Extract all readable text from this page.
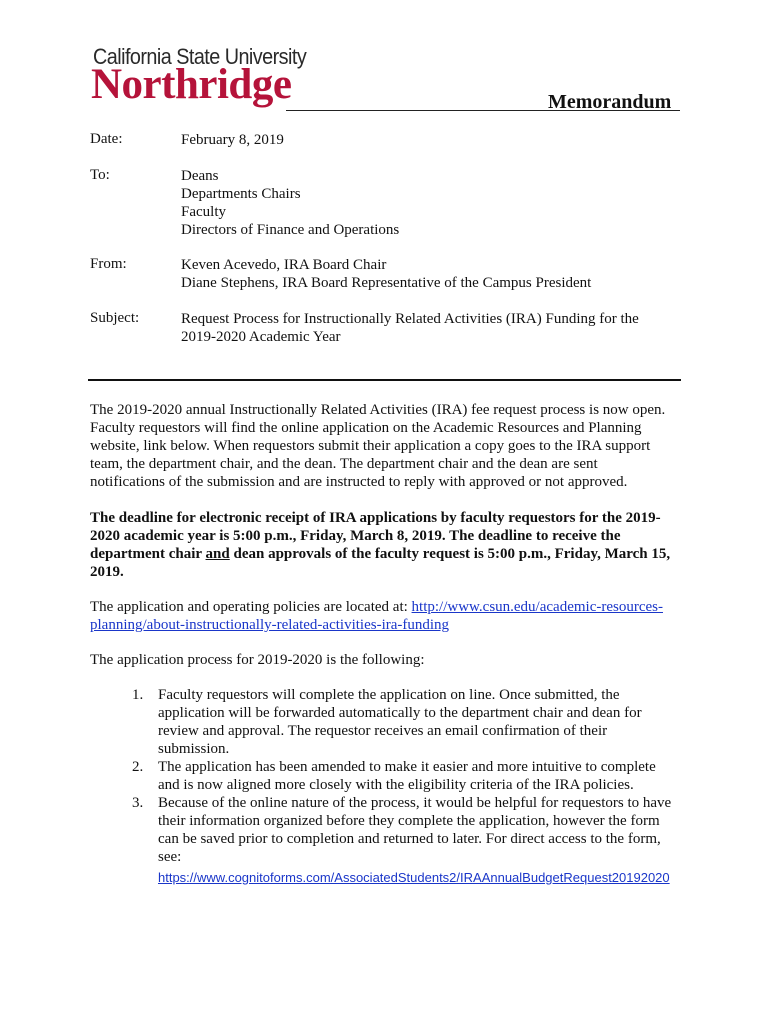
California State University
Northridge	Memorandum
Date:	February 8, 2019
To:	Deans
Departments Chairs
Faculty
Directors of Finance and Operations
From:	Keven Acevedo, IRA Board Chair
Diane Stephens, IRA Board Representative of the Campus President
Subject:	Request Process for Instructionally Related Activities (IRA) Funding for the
2019-2020 Academic Year
The 2019-2020 annual Instructionally Related Activities (IRA) fee request process is now open.
Faculty requestors will find the online application on the Academic Resources and Planning
website, link below. When requestors submit their application a copy goes to the IRA support
team, the department chair, and the dean. The department chair and the dean are sent
notifications of the submission and are instructed to reply with approved or not approved.
The deadline for electronic receipt of IRA applications by faculty requestors for the 2019-
2020 academic year is 5:00 p.m., Friday, March 8, 2019. The deadline to receive the
department chair and dean approvals of the faculty request is 5:00 p.m., Friday, March 15,
2019.
The application and operating policies are located at: http://www.csun.edu/academic-resources-
planning/about-instructionally-related-activities-ira-funding
The application process for 2019-2020 is the following:
1. Faculty requestors will complete the application on line. Once submitted, the
application will be forwarded automatically to the department chair and dean for
review and approval. The requestor receives an email confirmation of their
submission.
2. The application has been amended to make it easier and more intuitive to complete
and is now aligned more closely with the eligibility criteria of the IRA policies.
3. Because of the online nature of the process, it would be helpful for requestors to have
their information organized before they complete the application, however the form
can be saved prior to completion and returned to later. For direct access to the form,
see:
https://www.cognitoforms.com/AssociatedStudents2/IRAAnnualBudgetRequest20192020
